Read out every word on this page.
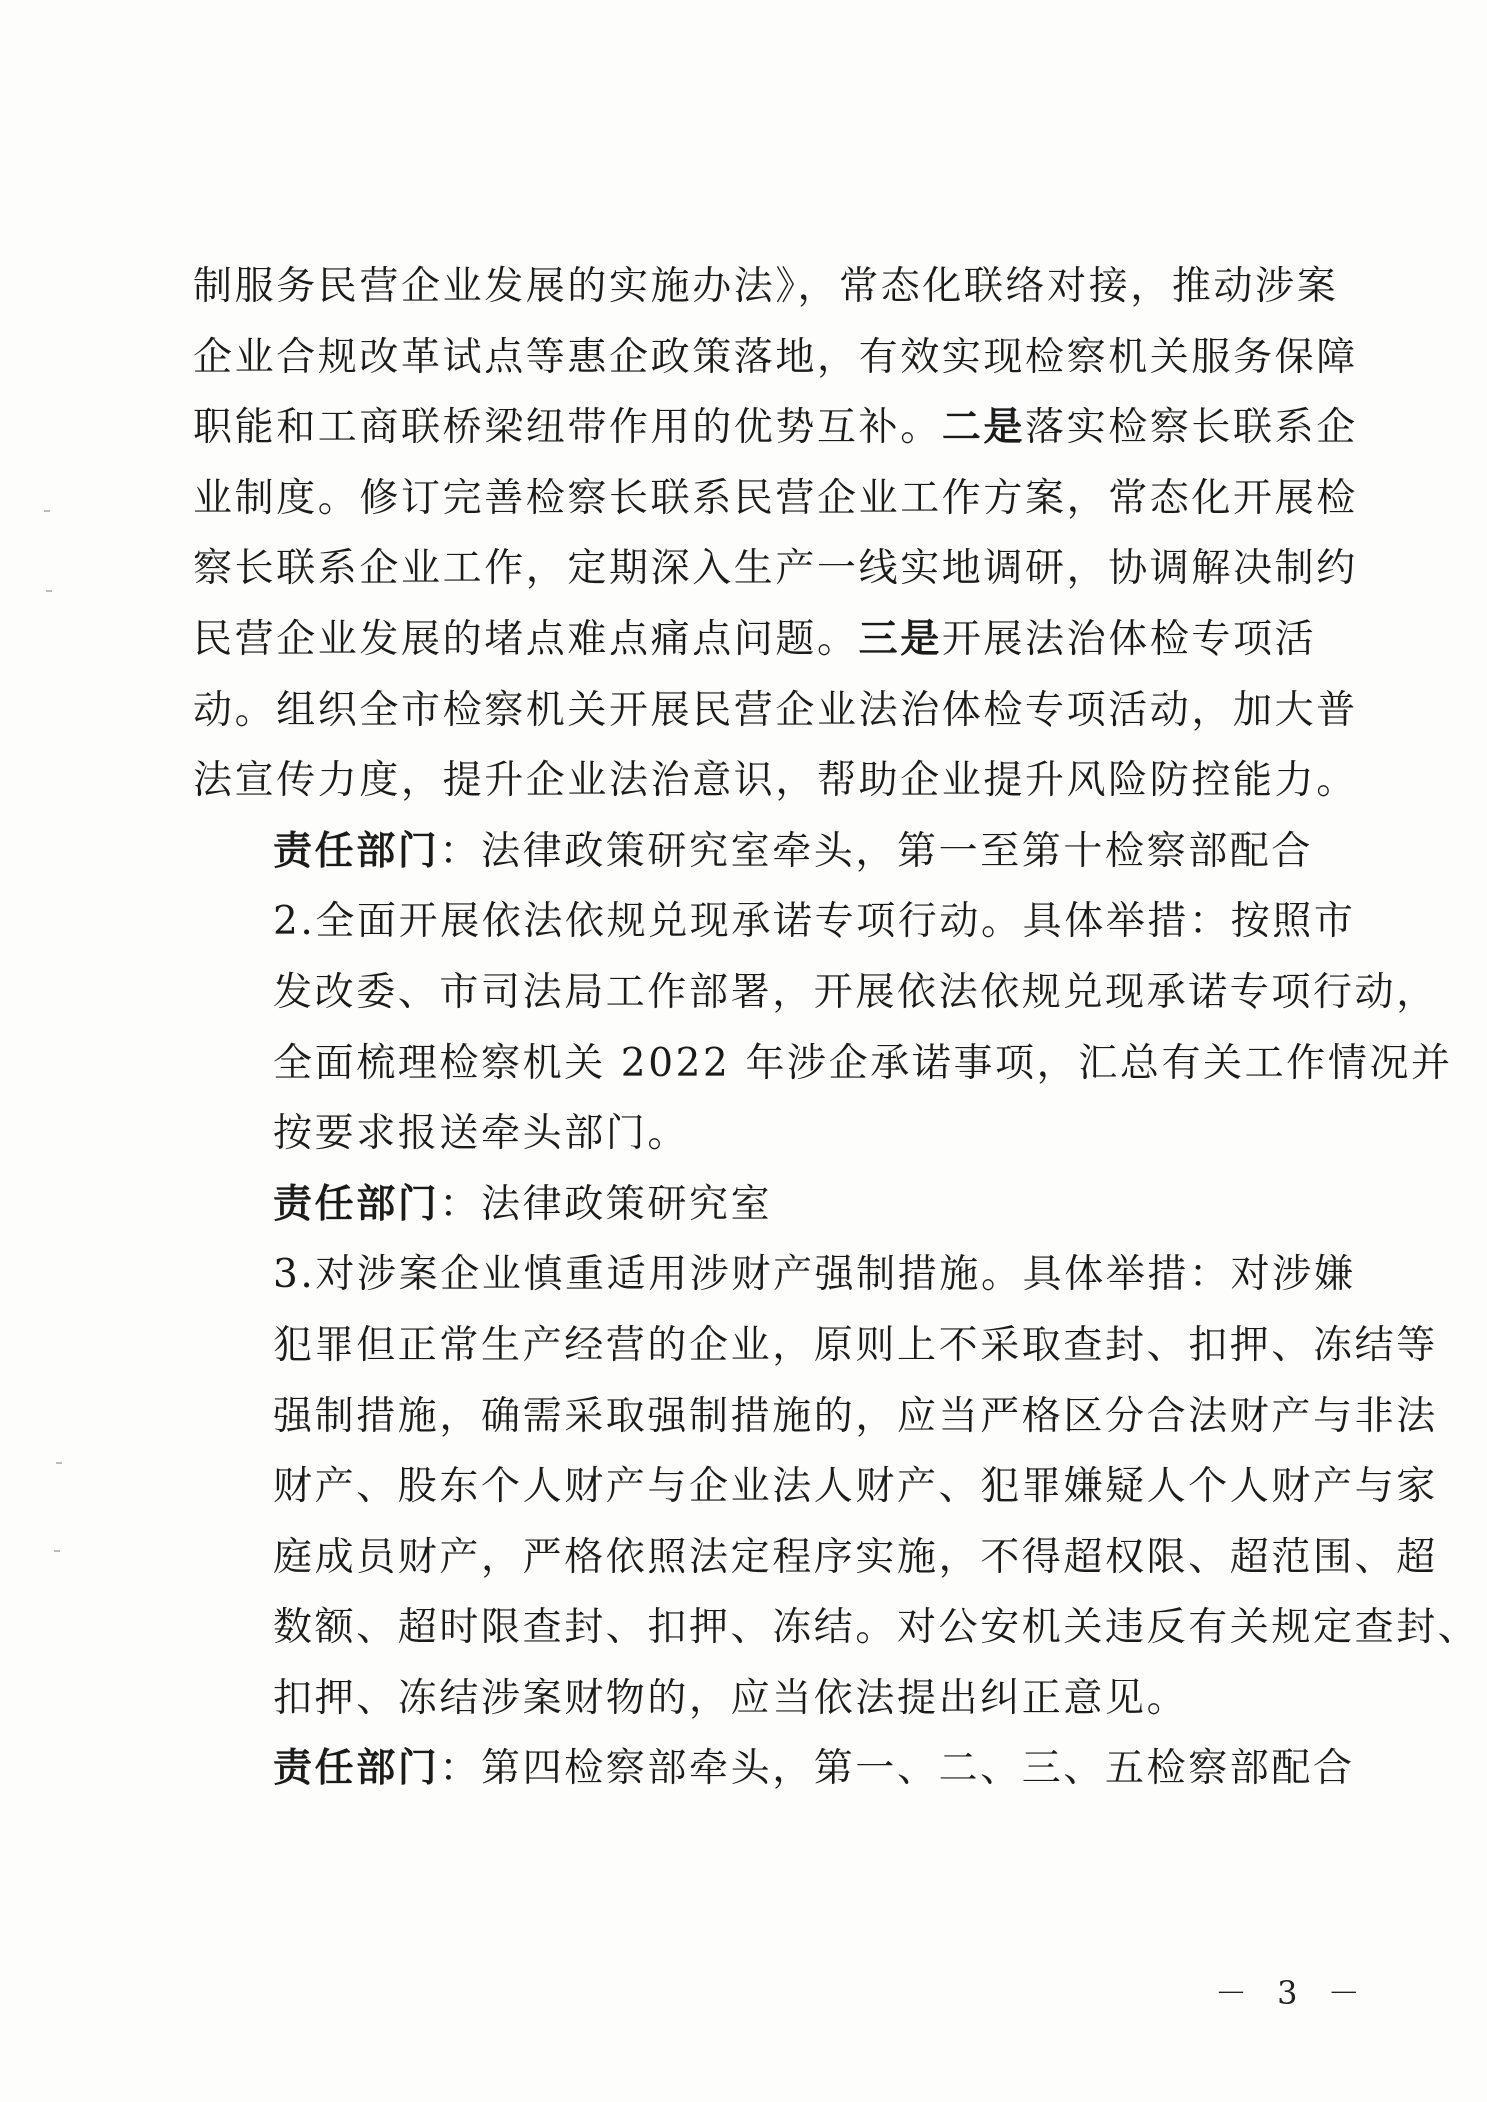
制服务民营企业发展的实施办法》，常态化联络对接，推动涉案
企业合规改革试点等惠企政策落地，有效实现检察机关服务保障
职能和工商联桥梁纽带作用的优势互补。二是落实检察长联系企
业制度。修订完善检察长联系民营企业工作方案，常态化开展检
察长联系企业工作，定期深入生产一线实地调研，协调解决制约
民营企业发展的堵点难点痛点问题。三是开展法治体检专项活
动。组织全市检察机关开展民营企业法治体检专项活动，加大普
法宣传力度，提升企业法治意识，帮助企业提升风险防控能力。

责任部门：法律政策研究室牵头，第一至第十检察部配合

2.全面开展依法依规兑现承诺专项行动。具体举措：按照市
发改委、市司法局工作部署，开展依法依规兑现承诺专项行动，
全面梳理检察机关 2022 年涉企承诺事项，汇总有关工作情况并
按要求报送牵头部门。

责任部门：法律政策研究室

3.对涉案企业慎重适用涉财产强制措施。具体举措：对涉嫌
犯罪但正常生产经营的企业，原则上不采取查封、扣押、冻结等
强制措施，确需采取强制措施的，应当严格区分合法财产与非法
财产、股东个人财产与企业法人财产、犯罪嫌疑人个人财产与家
庭成员财产，严格依照法定程序实施，不得超权限、超范围、超
数额、超时限查封、扣押、冻结。对公安机关违反有关规定查封、
扣押、冻结涉案财物的，应当依法提出纠正意见。

责任部门：第四检察部牵头，第一、二、三、五检察部配合

－ 3 －
